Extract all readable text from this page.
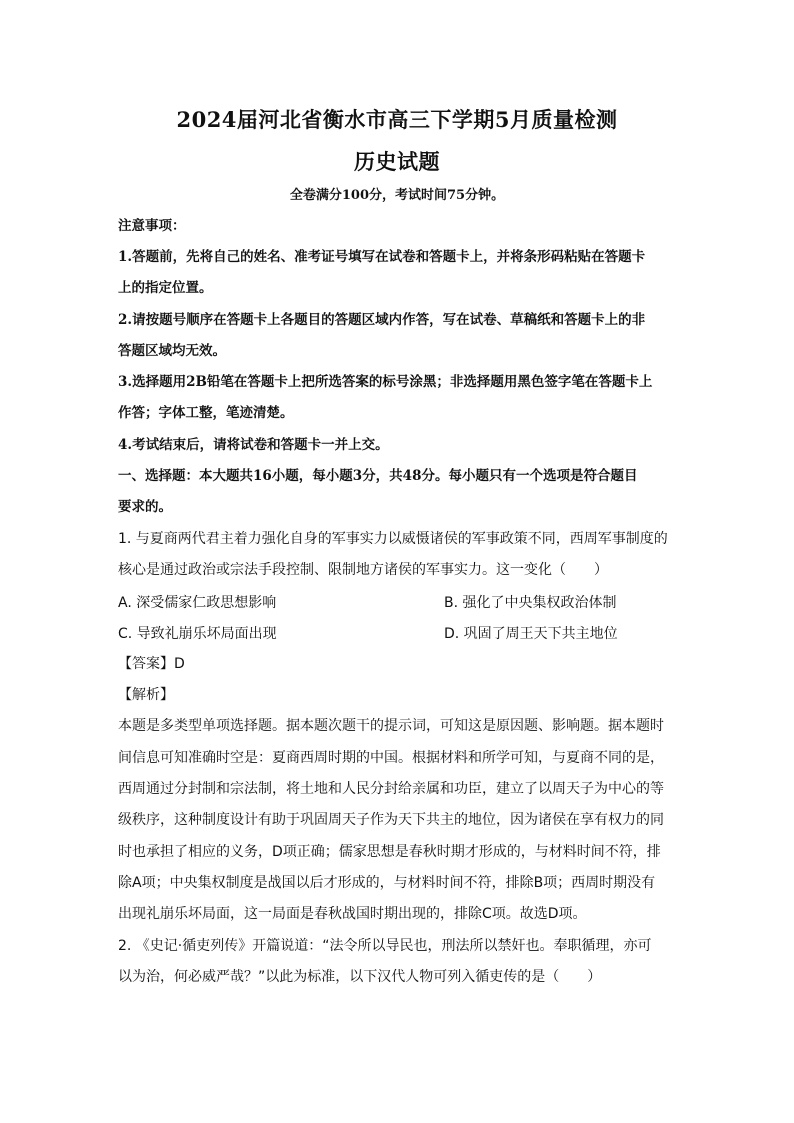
2024届河北省衡水市高三下学期5月质量检测
历史试题
全卷满分100分，考试时间75分钟。
注意事项：
1.答题前，先将自己的姓名、准考证号填写在试卷和答题卡上，并将条形码粘贴在答题卡
上的指定位置。
2.请按题号顺序在答题卡上各题目的答题区域内作答，写在试卷、草稿纸和答题卡上的非
答题区域均无效。
3.选择题用2B铅笔在答题卡上把所选答案的标号涂黑；非选择题用黑色签字笔在答题卡上
作答；字体工整，笔迹清楚。
4.考试结束后，请将试卷和答题卡一并上交。
一、选择题：本大题共16小题，每小题3分，共48分。每小题只有一个选项是符合题目
要求的。
1. 与夏商两代君主着力强化自身的军事实力以威慑诸侯的军事政策不同，西周军事制度的
核心是通过政治或宗法手段控制、限制地方诸侯的军事实力。这一变化（　　）
A. 深受儒家仁政思想影响	B. 强化了中央集权政治体制
C. 导致礼崩乐坏局面出现	D. 巩固了周王天下共主地位
【答案】D
【解析】
本题是多类型单项选择题。据本题次题干的提示词，可知这是原因题、影响题。据本题时
间信息可知准确时空是：夏商西周时期的中国。根据材料和所学可知，与夏商不同的是，
西周通过分封制和宗法制，将土地和人民分封给亲属和功臣，建立了以周天子为中心的等
级秩序，这种制度设计有助于巩固周天子作为天下共主的地位，因为诸侯在享有权力的同
时也承担了相应的义务，D项正确；儒家思想是春秋时期才形成的，与材料时间不符，排
除A项；中央集权制度是战国以后才形成的，与材料时间不符，排除B项；西周时期没有
出现礼崩乐坏局面，这一局面是春秋战国时期出现的，排除C项。故选D项。
2. 《史记·循吏列传》开篇说道：“法令所以导民也，刑法所以禁奸也。奉职循理，亦可
以为治，何必威严哉？”以此为标准，以下汉代人物可列入循吏传的是（　　）
